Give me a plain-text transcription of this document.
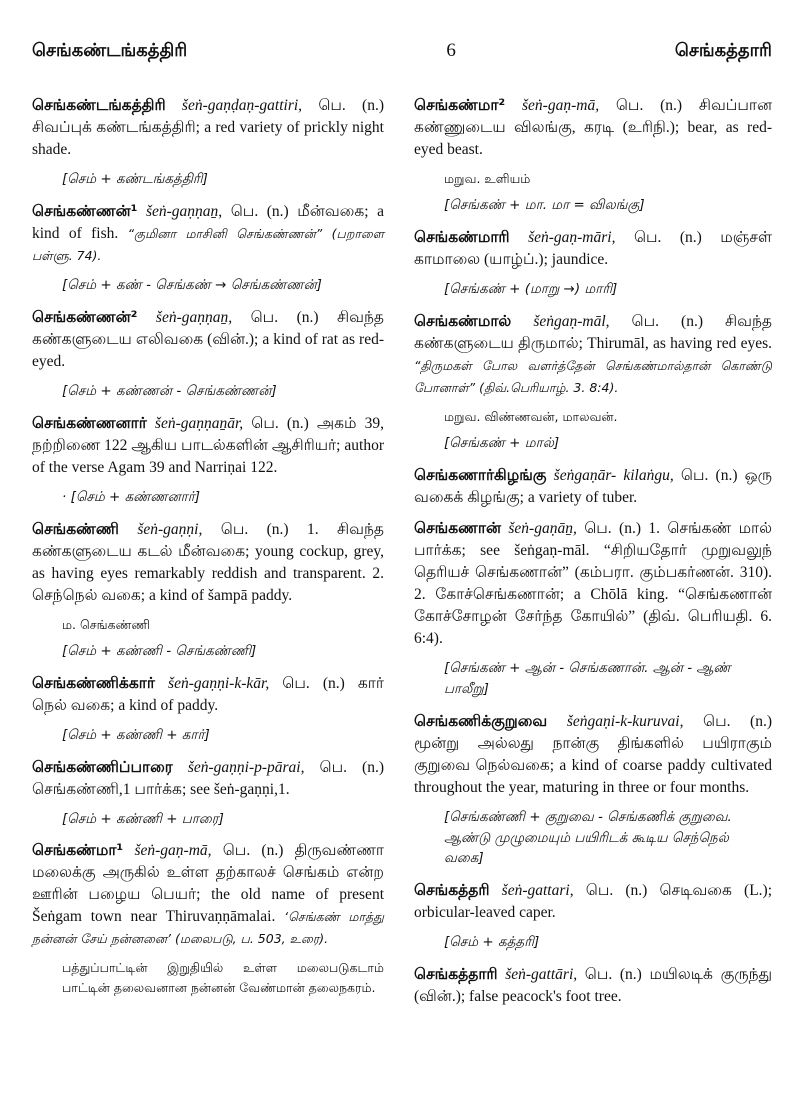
செங்கண்டங்கத்திரி	6	செங்கத்தாரி

செங்கண்டங்கத்திரி šeṅ-gaṇḍaṇ-gattiri, பெ. (n.) சிவப்புக் கண்டங்கத்திரி; a red variety of prickly night shade.

[செம் + கண்டங்கத்திரி]

செங்கண்ணன்¹ šeṅ-gaṇṇaṉ, பெ. (n.) மீன்வகை; a kind of fish. “குமினா மாசினி செங்கண்ணன்” (பறாளை பள்ளு. 74).

[செம் + கண் - செங்கண் → செங்கண்ணன்]

செங்கண்ணன்² šeṅ-gaṇṇaṉ, பெ. (n.) சிவந்த கண்களுடைய எலிவகை (வின்.); a kind of rat as red-eyed.

[செம் + கண்ணன் - செங்கண்ணன்]

செங்கண்ணனார் šeṅ-gaṇṇaṉār, பெ. (n.) அகம் 39, நற்றிணை 122 ஆகிய பாடல்களின் ஆசிரியர்; author of the verse Agam 39 and Narriṇai 122.

· [செம் + கண்ணனார்]

செங்கண்ணி šeṅ-gaṇṇi, பெ. (n.) 1. சிவந்த கண்களுடைய கடல் மீன்வகை; young cockup, grey, as having eyes remarkably reddish and transparent. 2. செந்நெல் வகை; a kind of šampā paddy.

ம. செங்கண்ணி
[செம் + கண்ணி - செங்கண்ணி]

செங்கண்ணிக்கார் šeṅ-gaṇṇi-k-kār, பெ. (n.) கார் நெல் வகை; a kind of paddy.

[செம் + கண்ணி + கார்]

செங்கண்ணிப்பாரை šeṅ-gaṇṇi-p-pārai, பெ. (n.) செங்கண்ணி,1 பார்க்க; see šeṅ-gaṇṇi,1.

[செம் + கண்ணி + பாரை]

செங்கண்மா¹ šeṅ-gaṇ-mā, பெ. (n.) திருவண்ணா மலைக்கு அருகில் உள்ள தற்காலச் செங்கம் என்ற ஊரின் பழைய பெயர்; the old name of present Šeṅgam town near Thiruvaṇṇāmalai. ‘செங்கண் மாத்து நன்னன் சேய் நன்னனை’ (மலைபடு, ப. 503, உரை).

பத்துப்பாட்டின் இறுதியில் உள்ள மலைபடுகடாம் பாட்டின் தலைவனான நன்னன் வேண்மான் தலைநகரம்.

செங்கண்மா² šeṅ-gaṇ-mā, பெ. (n.) சிவப்பான கண்ணுடைய விலங்கு, கரடி (உரிநி.); bear, as red-eyed beast.

மறுவ. உளியம்
[செங்கண் + மா. மா = விலங்கு]

செங்கண்மாரி šeṅ-gaṇ-māri, பெ. (n.) மஞ்சள் காமாலை (யாழ்ப்.); jaundice.

[செங்கண் + (மாறு →) மாரி]

செங்கண்மால் šeṅgaṇ-māl, பெ. (n.) சிவந்த கண்களுடைய திருமால்; Thirumāl, as having red eyes. “திருமகள் போல வளர்த்தேன் செங்கண்மால்தான் கொண்டு போனாள்” (திவ்.பெரியாழ். 3. 8:4).

மறுவ. விண்ணவன், மாலவன்.
[செங்கண் + மால்]

செங்கணார்கிழங்கு šeṅgaṇār- kilaṅgu, பெ. (n.) ஒரு வகைக் கிழங்கு; a variety of tuber.

செங்கணான் šeṅ-gaṇāṉ, பெ. (n.) 1. செங்கண் மால் பார்க்க; see šeṅgaṇ-māl. “சிறியதோர் முறுவலுந் தெரியச் செங்கணான்” (கம்பரா. கும்பகர்ணன். 310). 2. கோச்செங்கணான்; a Chōlā king. “செங்கணான் கோச்சோழன் சேர்ந்த கோயில்” (திவ். பெரியதி. 6. 6:4).

[செங்கண் + ஆன் - செங்கணான். ஆன் - ஆண் பாலீறு]

செங்கணிக்குறுவை šeṅgaṇi-k-kuruvai, பெ. (n.) மூன்று அல்லது நான்கு திங்களில் பயிராகும் குறுவை நெல்வகை; a kind of coarse paddy cultivated throughout the year, maturing in three or four months.

[செங்கண்ணி + குறுவை - செங்கணிக் குறுவை. ஆண்டு முழுமையும் பயிரிடக் கூடிய செந்நெல் வகை]

செங்கத்தரி šeṅ-gattari, பெ. (n.) செடிவகை (L.); orbicular-leaved caper.

[செம் + கத்தரி]

செங்கத்தாரி šeṅ-gattāri, பெ. (n.) மயிலடிக் குருந்து (வின்.); false peacock's foot tree.
